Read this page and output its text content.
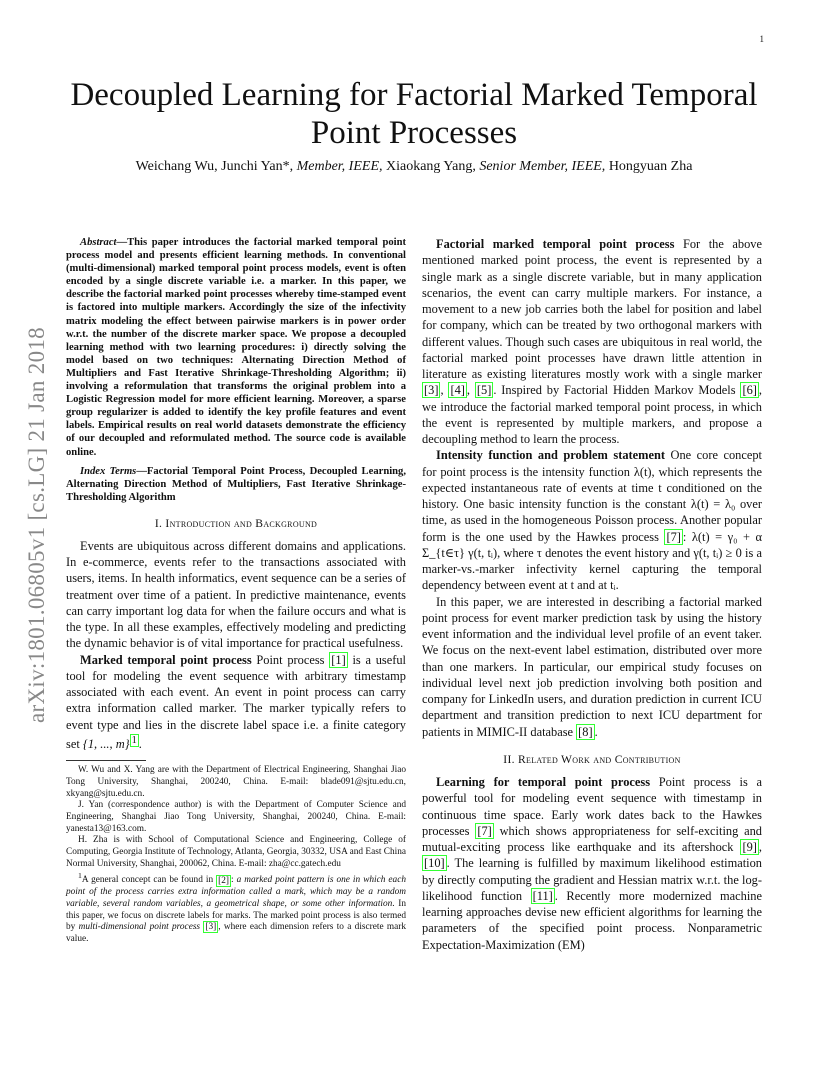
1
arXiv:1801.06805v1 [cs.LG] 21 Jan 2018
Decoupled Learning for Factorial Marked Temporal Point Processes
Weichang Wu, Junchi Yan*, Member, IEEE, Xiaokang Yang, Senior Member, IEEE, Hongyuan Zha

Abstract—This paper introduces the factorial marked temporal point process model and presents efficient learning methods. In conventional (multi-dimensional) marked temporal point process models, event is often encoded by a single discrete variable i.e. a marker. In this paper, we describe the factorial marked point processes whereby time-stamped event is factored into multiple markers. Accordingly the size of the infectivity matrix modeling the effect between pairwise markers is in power order w.r.t. the number of the discrete marker space. We propose a decoupled learning method with two learning procedures: i) directly solving the model based on two techniques: Alternating Direction Method of Multipliers and Fast Iterative Shrinkage-Thresholding Algorithm; ii) involving a reformulation that transforms the original problem into a Logistic Regression model for more efficient learning. Moreover, a sparse group regularizer is added to identify the key profile features and event labels. Empirical results on real world datasets demonstrate the efficiency of our decoupled and reformulated method. The source code is available online.

Index Terms—Factorial Temporal Point Process, Decoupled Learning, Alternating Direction Method of Multipliers, Fast Iterative Shrinkage-Thresholding Algorithm

I. Introduction and Background

Events are ubiquitous across different domains and applications. In e-commerce, events refer to the transactions associated with users, items. In health informatics, event sequence can be a series of treatment over time of a patient. In predictive maintenance, events can carry important log data for when the failure occurs and what is the type. In all these examples, effectively modeling and predicting the dynamic behavior is of vital importance for practical usefulness.

Marked temporal point process Point process [1] is a useful tool for modeling the event sequence with arbitrary timestamp associated with each event. An event in point process can carry extra information called marker. The marker typically refers to event type and lies in the discrete label space i.e. a finite category set {1, ..., m} $^1$ .

W. Wu and X. Yang are with the Department of Electrical Engineering, Shanghai Jiao Tong University, Shanghai, 200240, China. E-mail: blade091@sjtu.edu.cn, xkyang@sjtu.edu.cn.

J. Yan (correspondence author) is with the Department of Computer Science and Engineering, Shanghai Jiao Tong University, Shanghai, 200240, China. E-mail: yanesta13@163.com.

H. Zha is with School of Computational Science and Engineering, College of Computing, Georgia Institute of Technology, Atlanta, Georgia, 30332, USA and East China Normal University, Shanghai, 200062, China. E-mail: zha@cc.gatech.edu

$^1$A general concept can be found in [2] : a marked point pattern is one in which each point of the process carries extra information called a mark, which may be a random variable, several random variables, a geometrical shape, or some other information. In this paper, we focus on discrete labels for marks. The marked point process is also termed by multi-dimensional point process [3] , where each dimension refers to a discrete mark value.

Factorial marked temporal point process For the above mentioned marked point process, the event is represented by a single mark as a single discrete variable, but in many application scenarios, the event can carry multiple markers. For instance, a movement to a new job carries both the label for position and label for company, which can be treated by two orthogonal markers with different values. Though such cases are ubiquitous in real world, the factorial marked point processes have drawn little attention in literature as existing literatures mostly work with a single marker [3] , [4] , [5] . Inspired by Factorial Hidden Markov Models [6] , we introduce the factorial marked temporal point process, in which the event is represented by multiple markers, and propose a decoupling method to learn the process.

Intensity function and problem statement One core concept for point process is the intensity function λ(t), which represents the expected instantaneous rate of events at time t conditioned on the history. One basic intensity function is the constant λ(t) = λ₀ over time, as used in the homogeneous Poisson process. Another popular form is the one used by the Hawkes process [7] : λ(t) = γ₀ + α Σ_{t∈τ} γ(t, tᵢ), where τ denotes the event history and γ(t, tᵢ) ≥ 0 is a marker-vs.-marker infectivity kernel capturing the temporal dependency between event at t and at tᵢ.

In this paper, we are interested in describing a factorial marked point process for event marker prediction task by using the history event information and the individual level profile of an event taker. We focus on the next-event label estimation, distributed over more than one markers. In particular, our empirical study focuses on individual level next job prediction involving both position and company for LinkedIn users, and duration prediction in current ICU department and transition prediction to next ICU department for patients in MIMIC-II database [8] .

II. Related Work and Contribution

Learning for temporal point process Point process is a powerful tool for modeling event sequence with timestamp in continuous time space. Early work dates back to the Hawkes processes [7] which shows appropriateness for self-exciting and mutual-exciting process like earthquake and its aftershock [9] , [10] . The learning is fulfilled by maximum likelihood estimation by directly computing the gradient and Hessian matrix w.r.t. the log-likelihood function [11] . Recently more modernized machine learning approaches devise new efficient algorithms for learning the parameters of the specified point process. Nonparametric Expectation-Maximization (EM)
